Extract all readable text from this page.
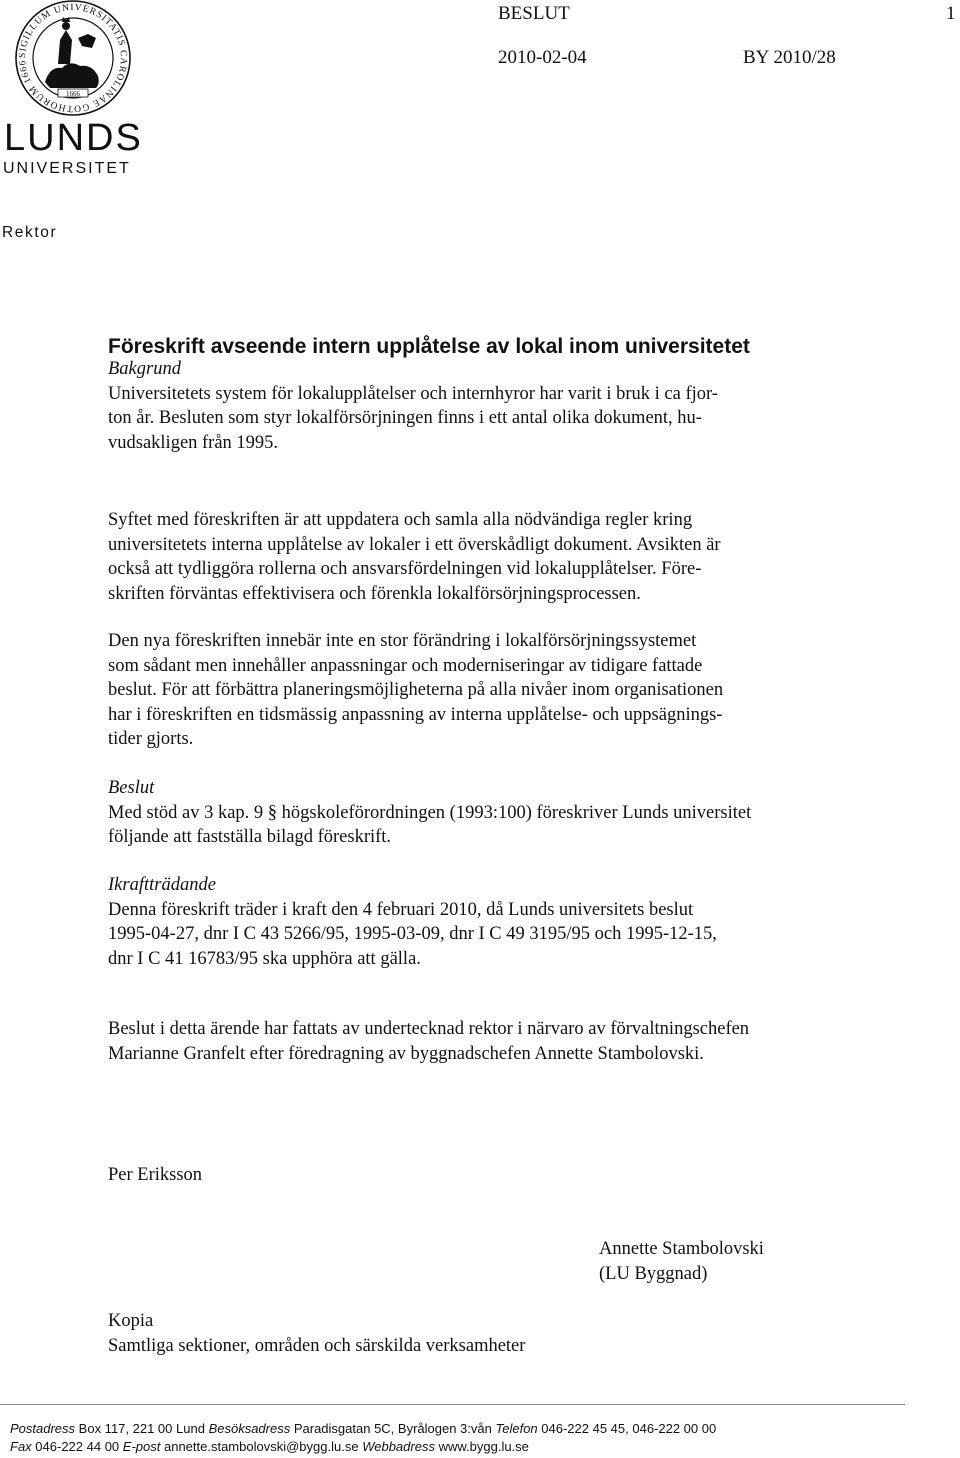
SIGILLUM UNIVERSITATIS CAROLINAE GOTHORUM 1666
1666
LUNDS
UNIVERSITET
BESLUT	1
2010-02-04	BY 2010/28
Rektor
Föreskrift avseende intern upplåtelse av lokal inom universitetet
Bakgrund
Universitetets system för lokalupplåtelser och internhyror har varit i bruk i ca fjor-
ton år. Besluten som styr lokalförsörjningen finns i ett antal olika dokument, hu-
vudsakligen från 1995.
Syftet med föreskriften är att uppdatera och samla alla nödvändiga regler kring
universitetets interna upplåtelse av lokaler i ett överskådligt dokument. Avsikten är
också att tydliggöra rollerna och ansvarsfördelningen vid lokalupplåtelser. Före-
skriften förväntas effektivisera och förenkla lokalförsörjningsprocessen.
Den nya föreskriften innebär inte en stor förändring i lokalförsörjningssystemet
som sådant men innehåller anpassningar och moderniseringar av tidigare fattade
beslut. För att förbättra planeringsmöjligheterna på alla nivåer inom organisationen
har i föreskriften en tidsmässig anpassning av interna upplåtelse- och uppsägnings-
tider gjorts.
Beslut
Med stöd av 3 kap. 9 § högskoleförordningen (1993:100) föreskriver Lunds universitet
följande att fastställa bilagd föreskrift.
Ikraftträdande
Denna föreskrift träder i kraft den 4 februari 2010, då Lunds universitets beslut
1995-04-27, dnr I C 43 5266/95, 1995-03-09, dnr I C 49 3195/95 och 1995-12-15,
dnr I C 41 16783/95 ska upphöra att gälla.
Beslut i detta ärende har fattats av undertecknad rektor i närvaro av förvaltningschefen
Marianne Granfelt efter föredragning av byggnadschefen Annette Stambolovski.
Per Eriksson
Annette Stambolovski
(LU Byggnad)
Kopia
Samtliga sektioner, områden och särskilda verksamheter
Postadress Box 117, 221 00 Lund Besöksadress Paradisgatan 5C, Byrålogen 3:vån Telefon 046-222 45 45, 046-222 00 00
Fax 046-222 44 00 E-post annette.stambolovski@bygg.lu.se Webbadress www.bygg.lu.se
